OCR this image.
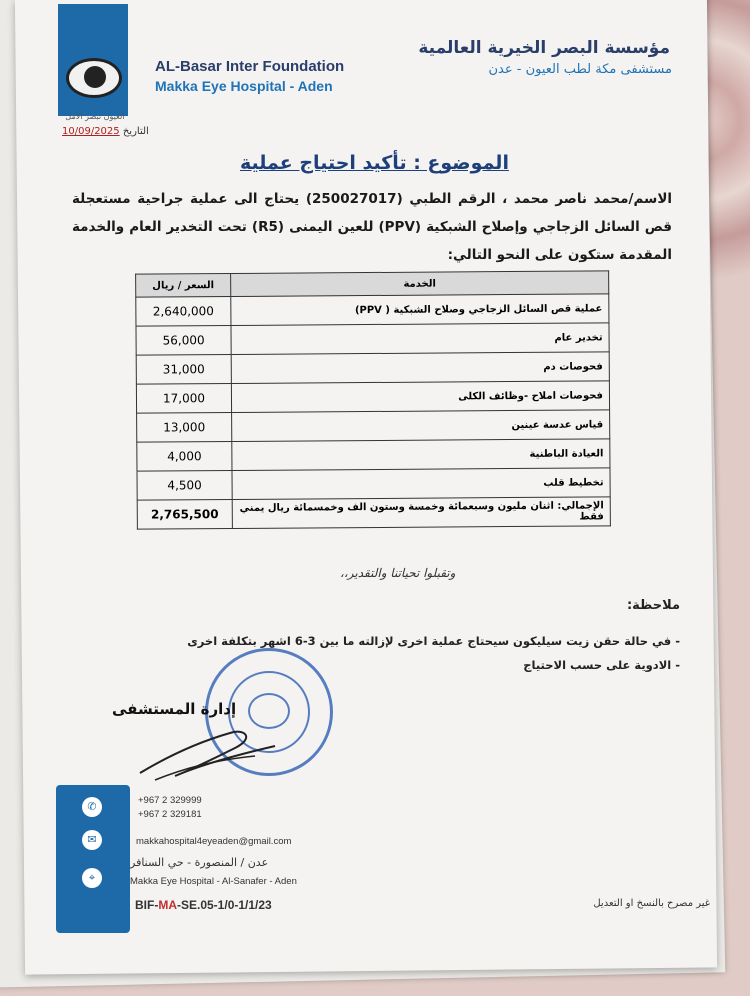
العيون تبصر الامل
AL-Basar Inter Foundation
Makka Eye Hospital - Aden
مؤسسة البصر الخيرية العالمية
مستشفى مكة لطب العيون - عدن
10/09/2025 التاريخ
الموضوع : تأكيد احتياج عملية
الاسم/محمد ناصر محمد ، الرقم الطبي (250027017) يحتاج الى عملية جراحية مستعجلة قص السائل الزجاجي وإصلاح الشبكية (PPV) للعين اليمنى (R5) تحت التخدير العام والخدمة المقدمة ستكون على النحو التالي:
السعر / ريال	الخدمة
2,640,000	عملية قص السائل الزجاجي وصلاح الشبكية ( PPV)
56,000	تخدير عام
31,000	فحوصات دم
17,000	فحوصات املاح -وظائف الكلى
13,000	قياس عدسة عينين
4,000	العيادة الباطنية
4,500	تخطيط قلب
2,765,500	الإجمالي: اثنان مليون وسبعمائة وخمسة وستون الف وخمسمائة ريال يمني فقط
وتقبلوا تحياتنا والتقدير،،
ملاحظة:
- في حالة حقن زيت سيليكون سيحتاج عملية اخرى لإزالته ما بين 3-6 اشهر بتكلفة اخرى
- الادوية على حسب الاحتياج
إدارة المستشفى
✆
✉
⌖
+967 2 329999
+967 2 329181
makkahospital4eyeaden@gmail.com
عدن / المنصورة - حي السنافر
Makka Eye Hospital - Al-Sanafer - Aden
BIF-MA-SE.05-1/0-1/1/23	غير مصرح بالنسخ او التعديل
